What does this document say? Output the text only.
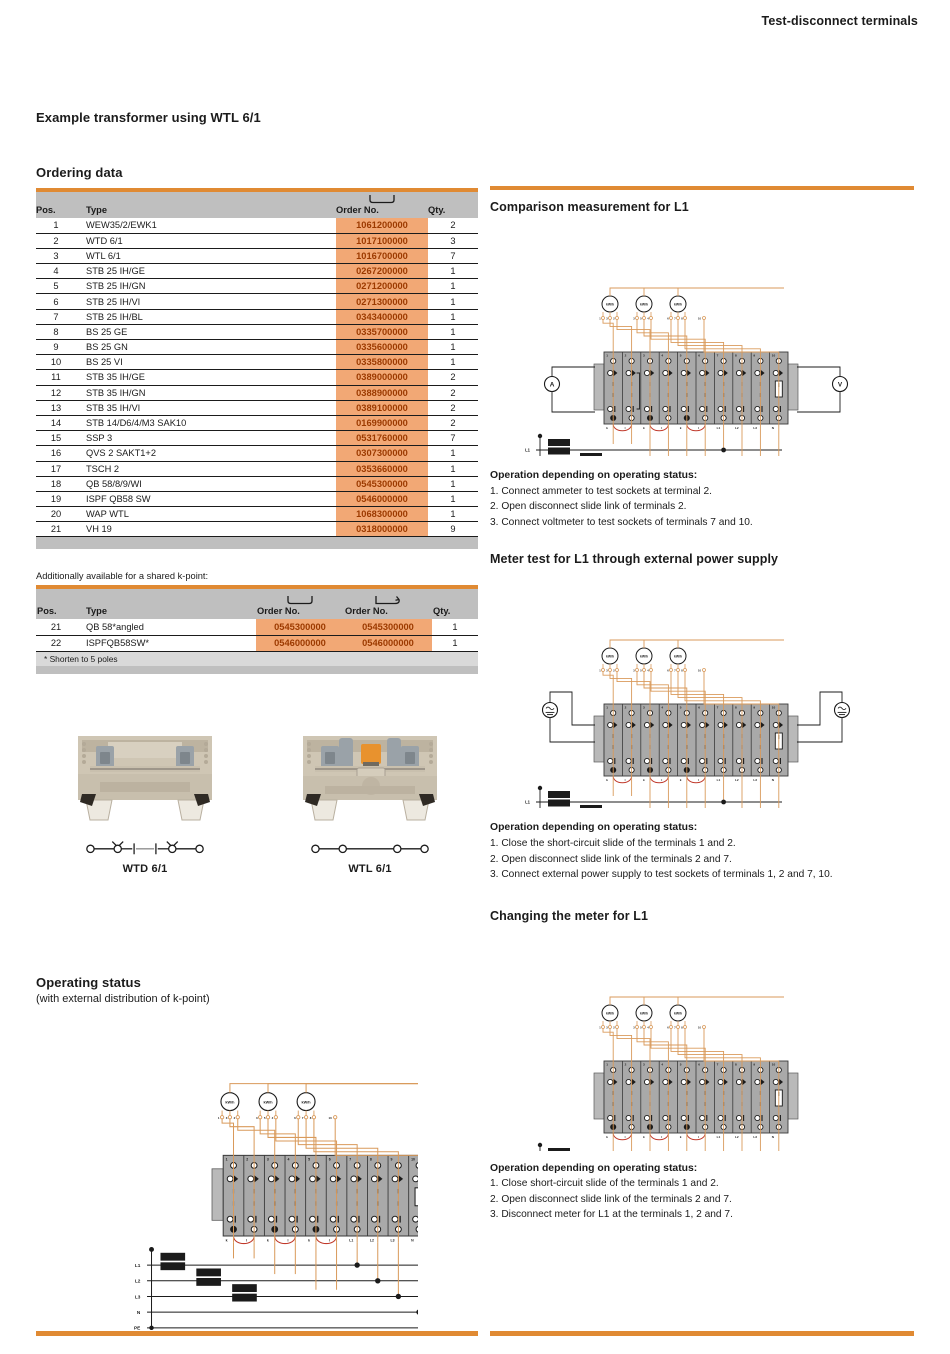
Test-disconnect terminals
Example transformer using WTL 6/1
Ordering data
Pos.	Type	Order No.	Qty.
1	WEW35/2/EWK1	1061200000	2
2	WTD 6/1	1017100000	3
3	WTL 6/1	1016700000	7
4	STB 25 IH/GE	0267200000	1
5	STB 25 IH/GN	0271200000	1
6	STB 25 IH/VI	0271300000	1
7	STB 25 IH/BL	0343400000	1
8	BS 25 GE	0335700000	1
9	BS 25 GN	0335600000	1
10	BS 25 VI	0335800000	1
11	STB 35 IH/GE	0389000000	2
12	STB 35 IH/GN	0388900000	2
13	STB 35 IH/VI	0389100000	2
14	STB 14/D6/4/M3 SAK10	0169900000	2
15	SSP 3	0531760000	7
16	QVS 2 SAKT1+2	0307300000	1
17	TSCH 2	0353660000	1
18	QB 58/8/9/WI	0545300000	1
19	ISPF QB58 SW	0546000000	1
20	WAP WTL	1068300000	1
21	VH 19	0318000000	9
Additionally available for a shared k-point:
Pos.	Type	Order No.	Order No.	Qty.
21	QB 58*angled	0545300000	0545300000	1
22	ISPFQB58SW*	0546000000	0546000000	1
* Shorten to 5 poles
WTD 6/1	WTL 6/1
Operating status
(with external distribution of k-point)
L1
L2
L3
N
PE
1
k
2
l
3
k
4
l
5
k
6
l
7
L1
8
L2
9
L3
10
N
kW/h
1 3 2
kW/h
3 5 4
kW/h
6 7 8	10
Comparison measurement for L1
L1
1
k
2
l
3
k
4
l
5
k
6
l
7
L1
8
L2
9
L3
10
N
kW/h
1 3 2
kW/h
3 5 4
kW/h
6 7 8	10
A	V
Operation depending on operating status:
1. Connect ammeter to test sockets at terminal 2.
2. Open disconnect slide link of terminals 2.
3. Connect voltmeter to test sockets of terminals 7 and 10.
Meter test for L1 through external power supply
L1
1
k
2
l
3
k
4
l
5
k
6
l
7
L1
8
L2
9
L3
10
N
kW/h
1 3 2
kW/h
3 5 4
kW/h
6 7 8	10
Operation depending on operating status:
1. Close the short-circuit slide of the terminals 1 and 2.
2. Open disconnect slide link of the terminals 2 and 7.
3. Connect external power supply to test sockets of terminals 1, 2 and 7, 10.
Changing the meter for L1
1
k
2
l
3
k
4
l
5
k
6
l
7
L1
8
L2
9
L3
10
N
kW/h
1 3 2
kW/h
3 5 4
kW/h
6 7 8	10
Operation depending on operating status:
1. Close short-circuit slide of the terminals 1 and 2.
2. Open disconnect slide link of the terminals 2 and 7.
3. Disconnect meter for L1 at the terminals 1, 2 and 7.
